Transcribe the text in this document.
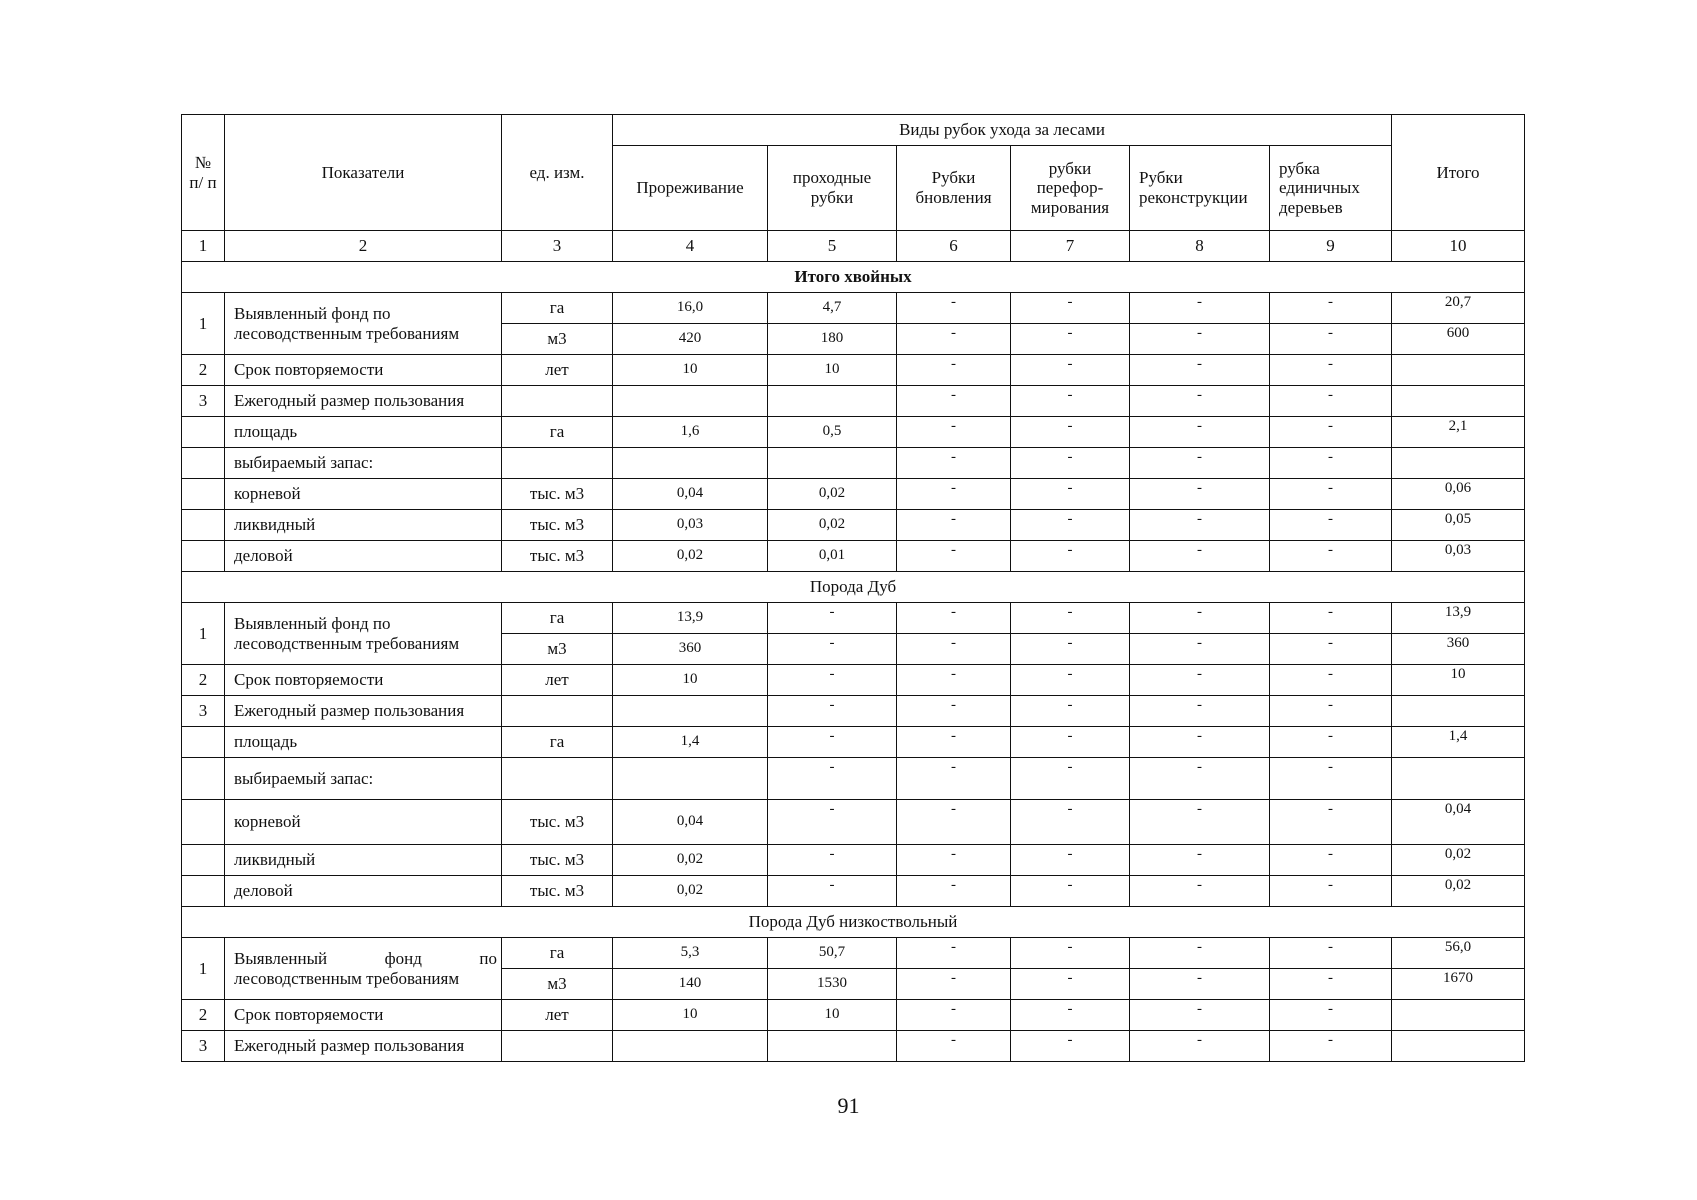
№ п/ п	Показатели	ед. изм.	Виды рубок ухода за лесами						Итого
			Прореживание	проходные рубки	Рубки бновления	рубки перефор-мирования	Рубки реконструкции	рубка единичных деревьев	
1	2	3	4	5	6	7	8	9	10
Итого хвойных									
1	Выявленный фонд по лесоводственным требованиям	га	16,0	4,7	-	-	-	-	20,7
		м3	420	180	-	-	-	-	600
2	Срок повторяемости	лет	10	10	-	-	-	-	
3	Ежегодный размер пользования				-	-	-	-	
	площадь	га	1,6	0,5	-	-	-	-	2,1
	выбираемый запас:				-	-	-	-	
	корневой	тыс. м3	0,04	0,02	-	-	-	-	0,06
	ликвидный	тыс. м3	0,03	0,02	-	-	-	-	0,05
	деловой	тыс. м3	0,02	0,01	-	-	-	-	0,03
Порода Дуб									
1	Выявленный фонд по лесоводственным требованиям	га	13,9	-	-	-	-	-	13,9
		м3	360	-	-	-	-	-	360
2	Срок повторяемости	лет	10	-	-	-	-	-	10
3	Ежегодный размер пользования			-	-	-	-	-	
	площадь	га	1,4	-	-	-	-	-	1,4
	выбираемый запас:			-	-	-	-	-	
	корневой	тыс. м3	0,04	-	-	-	-	-	0,04
	ликвидный	тыс. м3	0,02	-	-	-	-	-	0,02
	деловой	тыс. м3	0,02	-	-	-	-	-	0,02
Порода Дуб низкоствольный									
1	Выявленный фонд по лесоводственным требованиям	га	5,3	50,7	-	-	-	-	56,0
		м3	140	1530	-	-	-	-	1670
2	Срок повторяемости	лет	10	10	-	-	-	-	
3	Ежегодный размер пользования				-	-	-	-	
91
